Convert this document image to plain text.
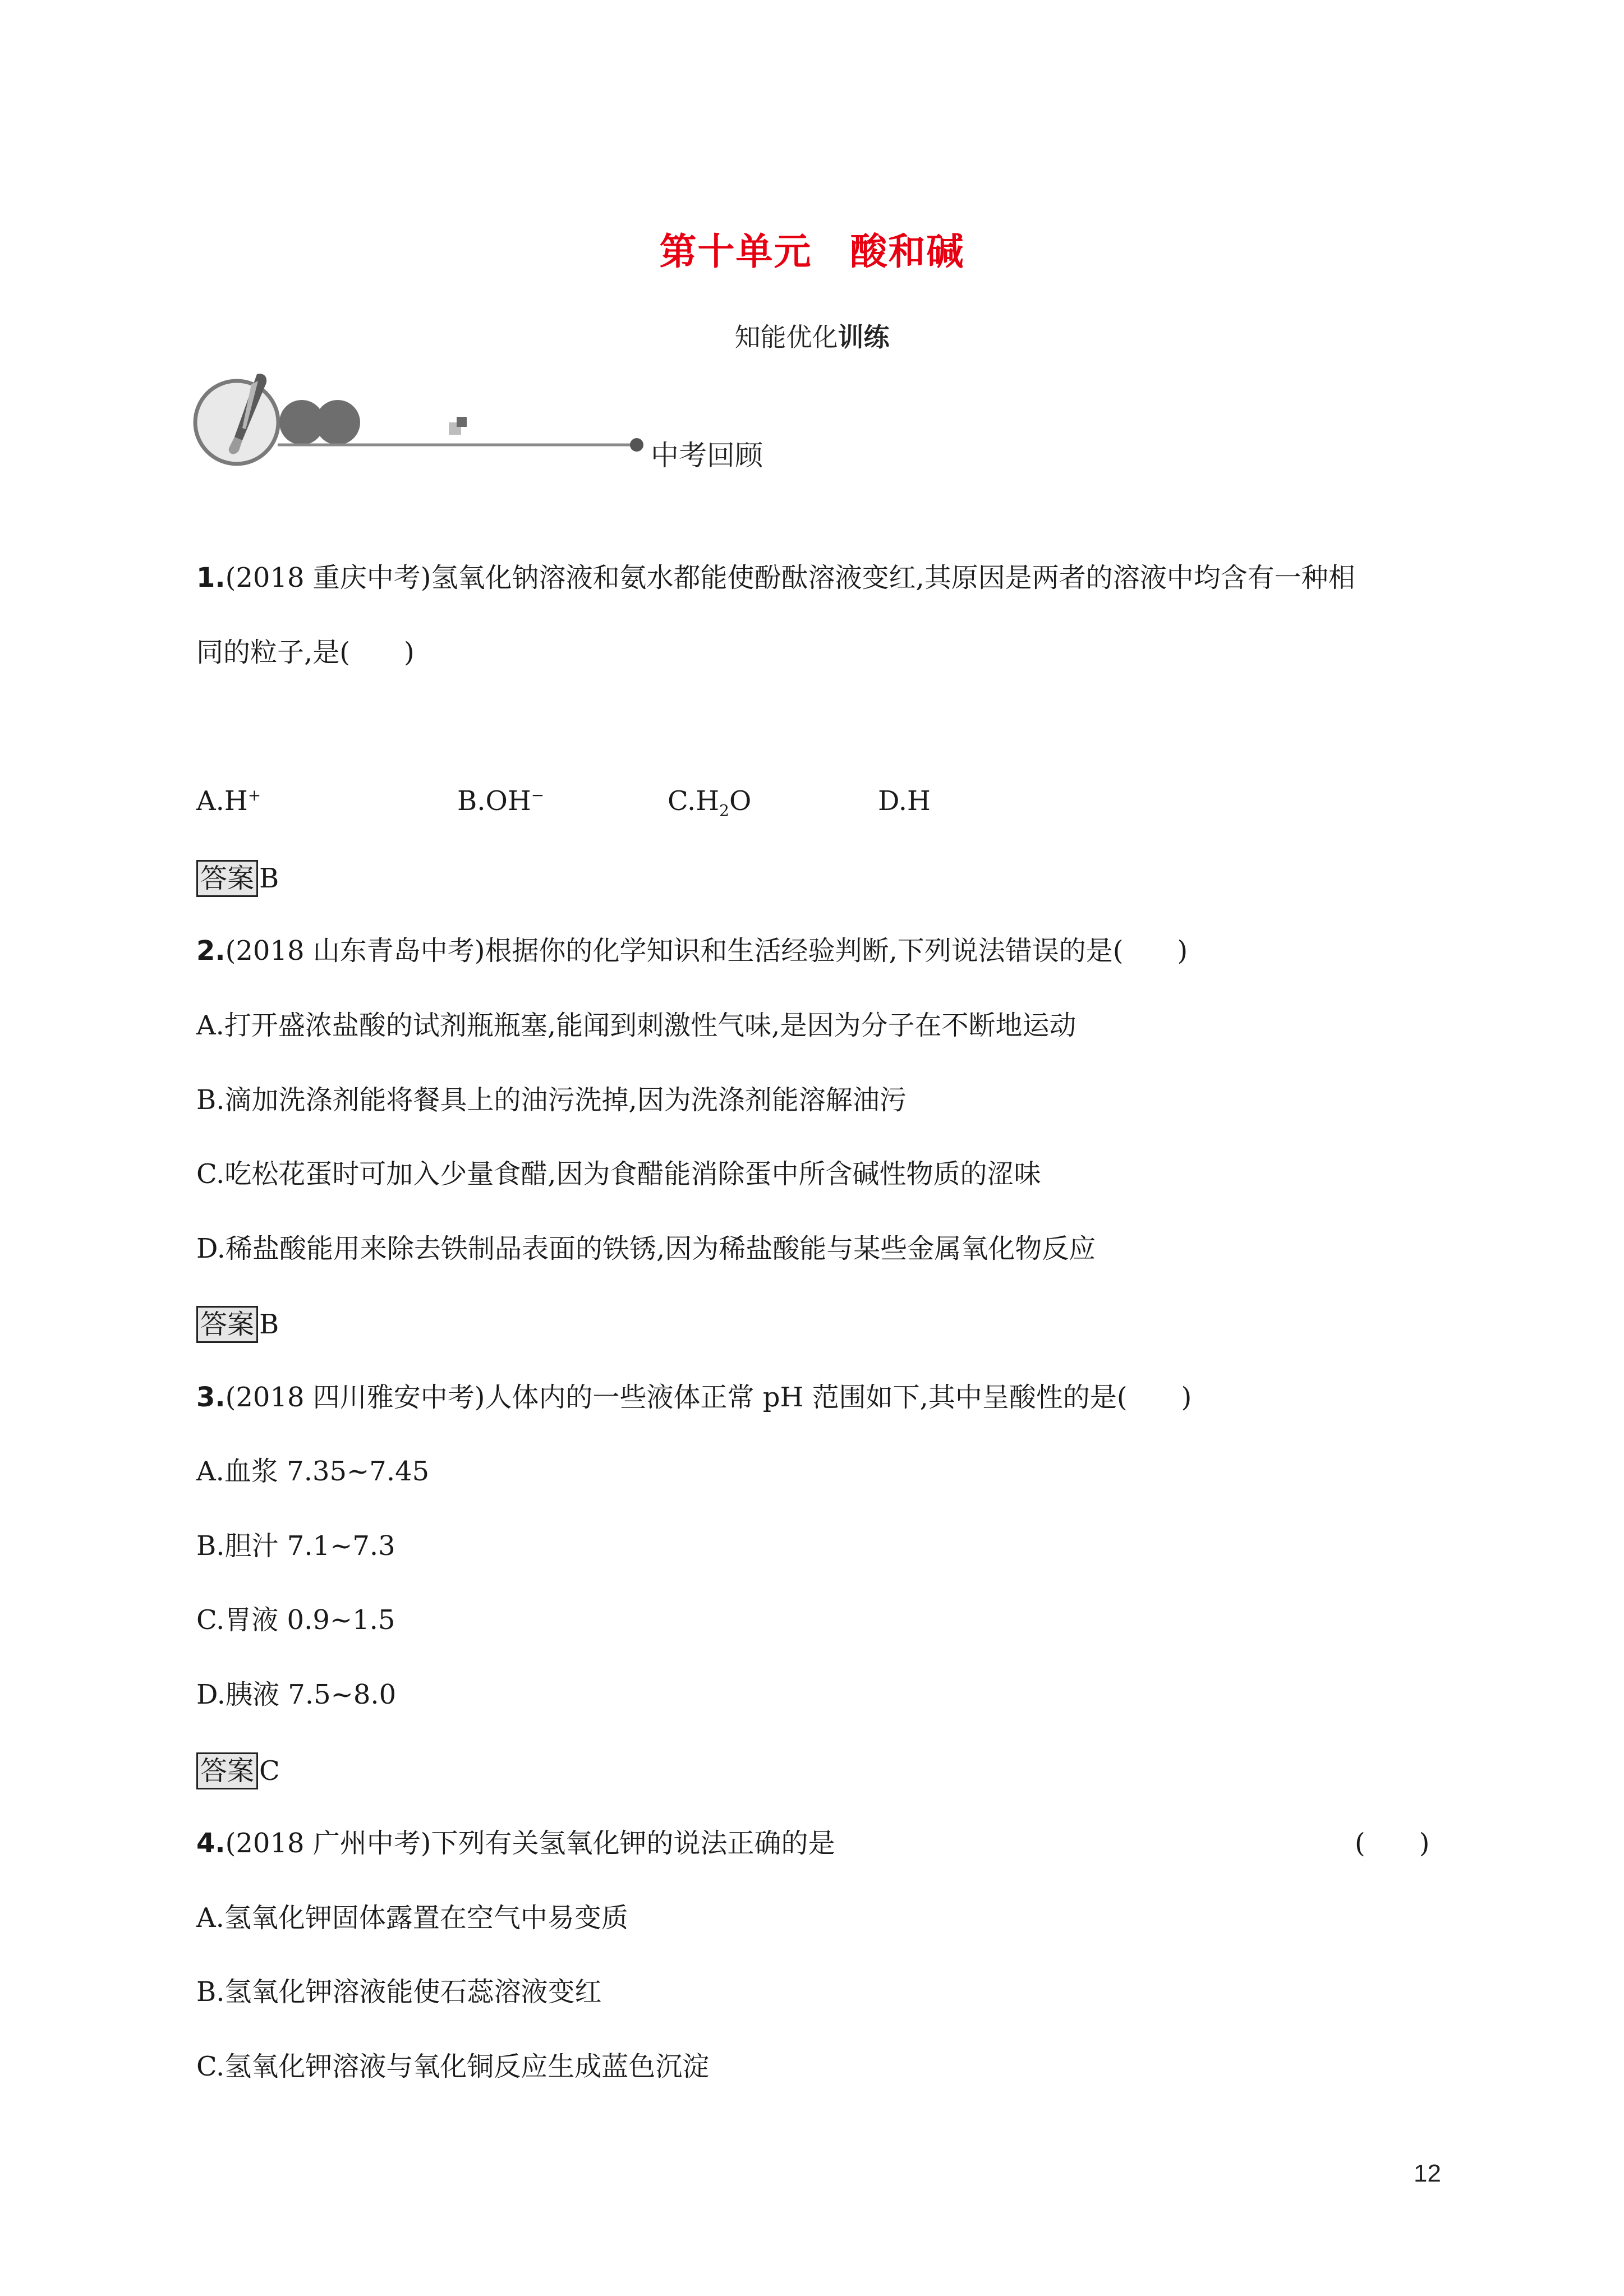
第十单元　酸和碱
知能优化训练
中考回顾
1.(2018 重庆中考)氢氧化钠溶液和氨水都能使酚酞溶液变红,其原因是两者的溶液中均含有一种相
同的粒子,是(　　)
A.H+	B.OH−	$C.H_2O$	D.H
答案 B
2.(2018 山东青岛中考)根据你的化学知识和生活经验判断,下列说法错误的是(　　)
A.打开盛浓盐酸的试剂瓶瓶塞,能闻到刺激性气味,是因为分子在不断地运动
B.滴加洗涤剂能将餐具上的油污洗掉,因为洗涤剂能溶解油污
C.吃松花蛋时可加入少量食醋,因为食醋能消除蛋中所含碱性物质的涩味
D.稀盐酸能用来除去铁制品表面的铁锈,因为稀盐酸能与某些金属氧化物反应
答案 B
3.(2018 四川雅安中考)人体内的一些液体正常 pH 范围如下,其中呈酸性的是(　　)
A.血浆 7.35~7.45
B.胆汁 7.1~7.3
C.胃液 0.9~1.5
D.胰液 7.5~8.0
答案 C
4.(2018 广州中考)下列有关氢氧化钾的说法正确的是	(　　)
A.氢氧化钾固体露置在空气中易变质
B.氢氧化钾溶液能使石蕊溶液变红
C.氢氧化钾溶液与氧化铜反应生成蓝色沉淀
12
